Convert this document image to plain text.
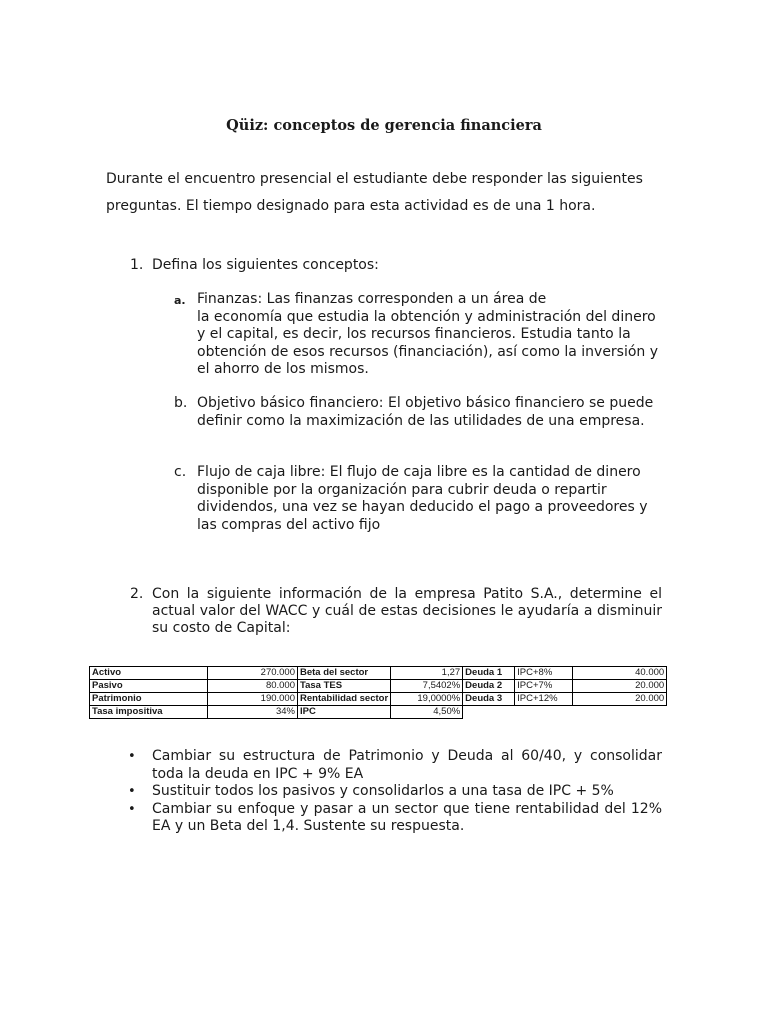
Qüiz: conceptos de gerencia financiera

Durante el encuentro presencial el estudiante debe responder las siguientes
preguntas. El tiempo designado para esta actividad es de una 1 hora.

1. Defina los siguientes conceptos:
a. Finanzas: Las finanzas corresponden a un área de
la economía que estudia la obtención y administración del dinero
y el capital, es decir, los recursos financieros. Estudia tanto la
obtención de esos recursos (financiación), así como la inversión y
el ahorro de los mismos.
b. Objetivo básico financiero: El objetivo básico financiero se puede
definir como la maximización de las utilidades de una empresa.
c. Flujo de caja libre: El flujo de caja libre es la cantidad de dinero
disponible por la organización para cubrir deuda o repartir
dividendos, una vez se hayan deducido el pago a proveedores y
las compras del activo fijo
2. Con la siguiente información de la empresa Patito S.A., determine el
actual valor del WACC y cuál de estas decisiones le ayudaría a disminuir
su costo de Capital:
Activo	270.000	Beta del sector	1,27	Deuda 1	IPC+8%	40.000
Pasivo	80.000	Tasa TES	7,5402%	Deuda 2	IPC+7%	20.000
Patrimonio	190.000	Rentabilidad sector	19,0000%	Deuda 3	IPC+12%	20.000
Tasa impositiva	34%	IPC	4,50%			
• Cambiar su estructura de Patrimonio y Deuda al 60/40, y consolidar
toda la deuda en IPC + 9% EA
• Sustituir todos los pasivos y consolidarlos a una tasa de IPC + 5%
• Cambiar su enfoque y pasar a un sector que tiene rentabilidad del 12%
EA y un Beta del 1,4. Sustente su respuesta.
